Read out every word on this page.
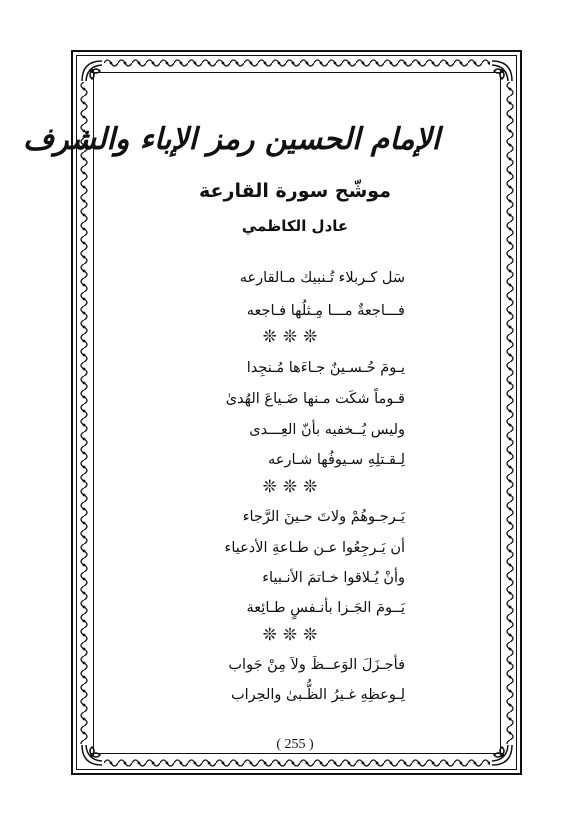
الإمام الحسين رمز الإباء والشرف
موشّح سورة القارعة
عادل الكاظمي
سَل كـربلاء تُـنبيك مـالقارعه
فـــاجعةٌ مـــا مِـثلُها فـاجعه
❊❊❊
يـومَ حُـسـينٌ جـاءَها مُـنجِدا
قـوماً شكَت مـنها ضَـياعَ الهُدىٰ
وليس يُــخفيه بأنّ العِـــدى
لِـقـتلِهِ سـيوفُها شـارعه
❊❊❊
يَـرجـوهُمْ ولاتَ حـينَ الرَّجاء
أن يَـرجِعُوا عـن طـاعةِ الأدعياء
وأنْ يُـلاقوا خـاتمَ الأنـبياء
يَــومَ الجَـزا بأنـفسٍ طـائِعة
❊❊❊
فأجـزَلَ الوَعــظَ ولاَ مِنْ جَواب
لِـوعظِهِ غـيرُ الظُّـبىٰ والحِراب
( 255 )
